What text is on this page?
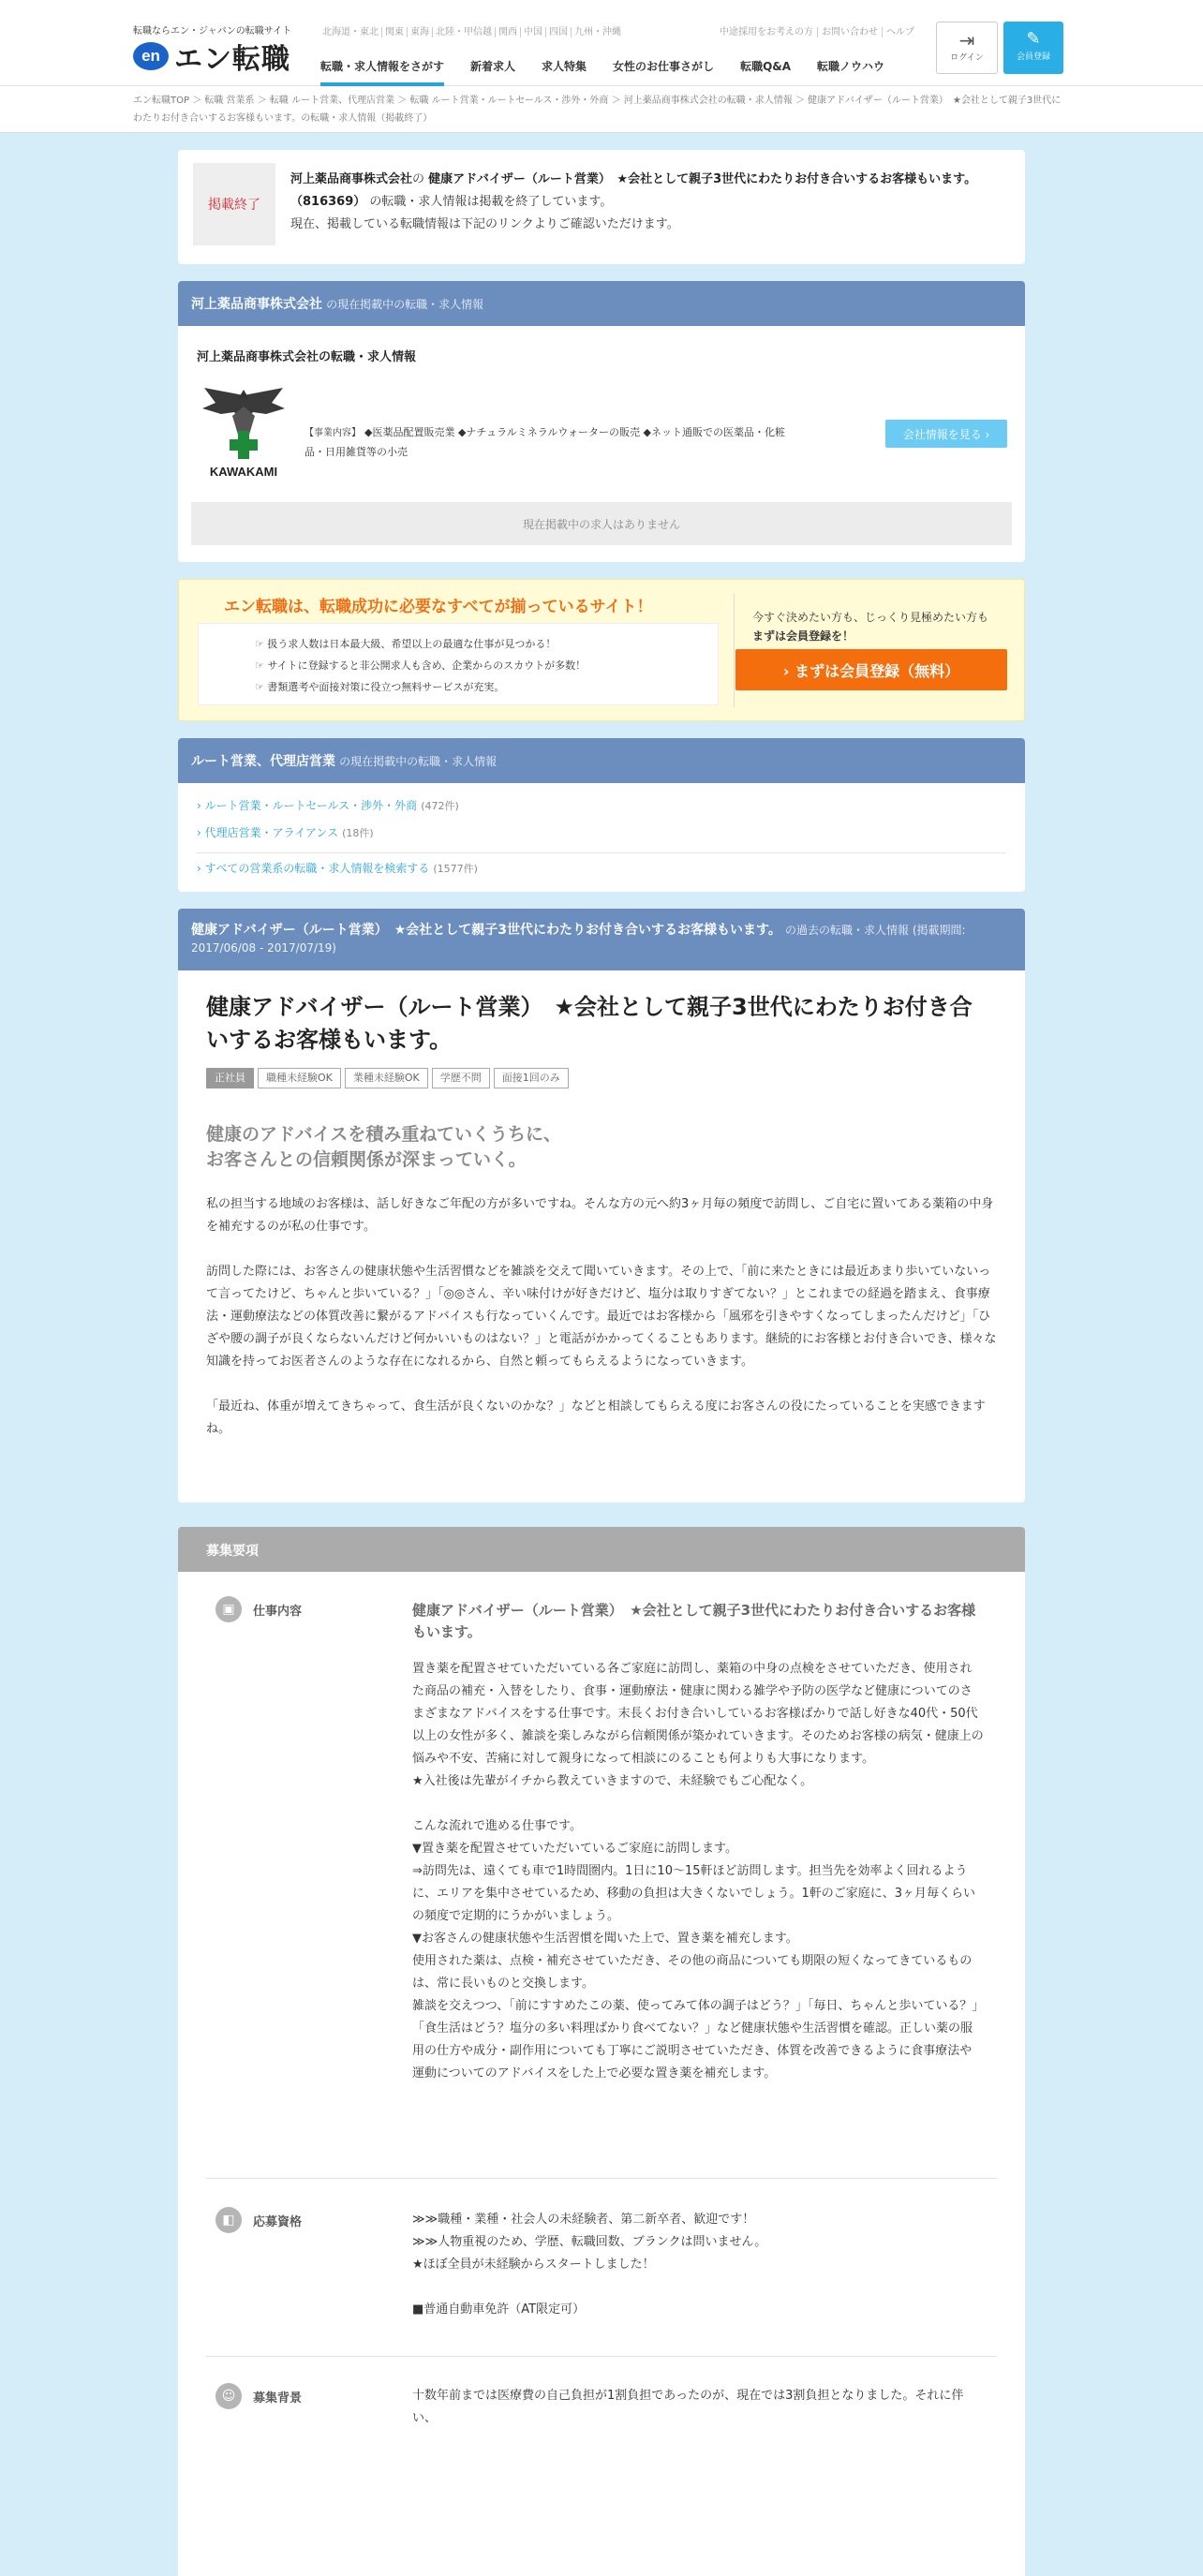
転職ならエン・ジャパンの転職サイト
en エン転職
北海道・東北 関東 東海 北陸・甲信越 関西 中国 四国 九州・沖縄	中途採用をお考えの方 お問い合わせ ヘルプ
転職・求人情報をさがす 新着求人 求人特集 女性のお仕事さがし 転職Q&A 転職ノウハウ
⇥
ログイン
✎
会員登録
エン転職TOP ＞ 転職 営業系 ＞ 転職 ルート営業、代理店営業 ＞ 転職 ルート営業・ルートセールス・渉外・外商 ＞ 河上薬品商事株式会社の転職・求人情報 ＞ 健康アドバイザー（ルート営業）　★会社として親子3世代にわたりお付き合いするお客様もいます。の転職・求人情報（掲載終了）
掲載終了
河上薬品商事株式会社の 健康アドバイザー（ルート営業）　★会社として親子3世代にわたりお付き合いするお客様もいます。（816369） の転職・求人情報は掲載を終了しています。
現在、掲載している転職情報は下記のリンクよりご確認いただけます。
河上薬品商事株式会社 の現在掲載中の転職・求人情報
河上薬品商事株式会社の転職・求人情報
KAWAKAMI
【事業内容】 ◆医薬品配置販売業 ◆ナチュラルミネラルウォーターの販売 ◆ネット通販での医薬品・化粧品・日用雑貨等の小売
会社情報を見る ›
現在掲載中の求人はありません
エン転職は、転職成功に必要なすべてが揃っているサイト！
☞ 扱う求人数は日本最大級、希望以上の最適な仕事が見つかる！
☞ サイトに登録すると非公開求人も含め、企業からのスカウトが多数！
☞ 書類選考や面接対策に役立つ無料サービスが充実。
今すぐ決めたい方も、じっくり見極めたい方も
まずは会員登録を！
› まずは会員登録（無料）
ルート営業、代理店営業 の現在掲載中の転職・求人情報
› ルート営業・ルートセールス・渉外・外商 (472件)
› 代理店営業・アライアンス (18件)
› すべての営業系の転職・求人情報を検索する (1577件)
健康アドバイザー（ルート営業）　★会社として親子3世代にわたりお付き合いするお客様もいます。 の過去の転職・求人情報 (掲載期間: 2017/06/08 - 2017/07/19)
健康アドバイザー（ルート営業）　★会社として親子3世代にわたりお付き合いするお客様もいます。
正社員	職種未経験OK	業種未経験OK	学歴不問	面接1回のみ
健康のアドバイスを積み重ねていくうちに、
お客さんとの信頼関係が深まっていく。

私の担当する地域のお客様は、話し好きなご年配の方が多いですね。そんな方の元へ約3ヶ月毎の頻度で訪問し、ご自宅に置いてある薬箱の中身を補充するのが私の仕事です。

訪問した際には、お客さんの健康状態や生活習慣などを雑談を交えて聞いていきます。その上で、「前に来たときには最近あまり歩いていないって言ってたけど、ちゃんと歩いている？」「◎◎さん、辛い味付けが好きだけど、塩分は取りすぎてない？」とこれまでの経過を踏まえ、食事療法・運動療法などの体質改善に繋がるアドバイスも行なっていくんです。最近ではお客様から「風邪を引きやすくなってしまったんだけど」「ひざや腰の調子が良くならないんだけど何かいいものはない？」と電話がかかってくることもあります。継続的にお客様とお付き合いでき、様々な知識を持ってお医者さんのような存在になれるから、自然と頼ってもらえるようになっていきます。

「最近ね、体重が増えてきちゃって、食生活が良くないのかな？」などと相談してもらえる度にお客さんの役にたっていることを実感できますね。

募集要項
▣	仕事内容	健康アドバイザー（ルート営業）　★会社として親子3世代にわたりお付き合いするお客様もいます。
置き薬を配置させていただいている各ご家庭に訪問し、薬箱の中身の点検をさせていただき、使用された商品の補充・入替をしたり、食事・運動療法・健康に関わる雑学や予防の医学など健康についてのさまざまなアドバイスをする仕事です。末長くお付き合いしているお客様ばかりで話し好きな40代・50代以上の女性が多く、雑談を楽しみながら信頼関係が築かれていきます。そのためお客様の病気・健康上の悩みや不安、苦痛に対して親身になって相談にのることも何よりも大事になります。
★入社後は先輩がイチから教えていきますので、未経験でもご心配なく。
こんな流れで進める仕事です。
▼置き薬を配置させていただいているご家庭に訪問します。
⇒訪問先は、遠くても車で1時間圏内。1日に10～15軒ほど訪問します。担当先を効率よく回れるように、エリアを集中させているため、移動の負担は大きくないでしょう。1軒のご家庭に、3ヶ月毎くらいの頻度で定期的にうかがいましょう。
▼お客さんの健康状態や生活習慣を聞いた上で、置き薬を補充します。
使用された薬は、点検・補充させていただき、その他の商品についても期限の短くなってきているものは、常に長いものと交換します。
雑談を交えつつ、「前にすすめたこの薬、使ってみて体の調子はどう？」「毎日、ちゃんと歩いている？」「食生活はどう？塩分の多い料理ばかり食べてない？」など健康状態や生活習慣を確認。正しい薬の服用の仕方や成分・副作用についても丁寧にご説明させていただき、体質を改善できるように食事療法や運動についてのアドバイスをした上で必要な置き薬を補充します。
◧	応募資格	≫≫職種・業種・社会人の未経験者、第二新卒者、歓迎です！
≫≫人物重視のため、学歴、転職回数、ブランクは問いません。
★ほぼ全員が未経験からスタートしました！
■普通自動車免許（AT限定可）
☺	募集背景	十数年前までは医療費の自己負担が1割負担であったのが、現在では3割負担となりました。それに伴い、
